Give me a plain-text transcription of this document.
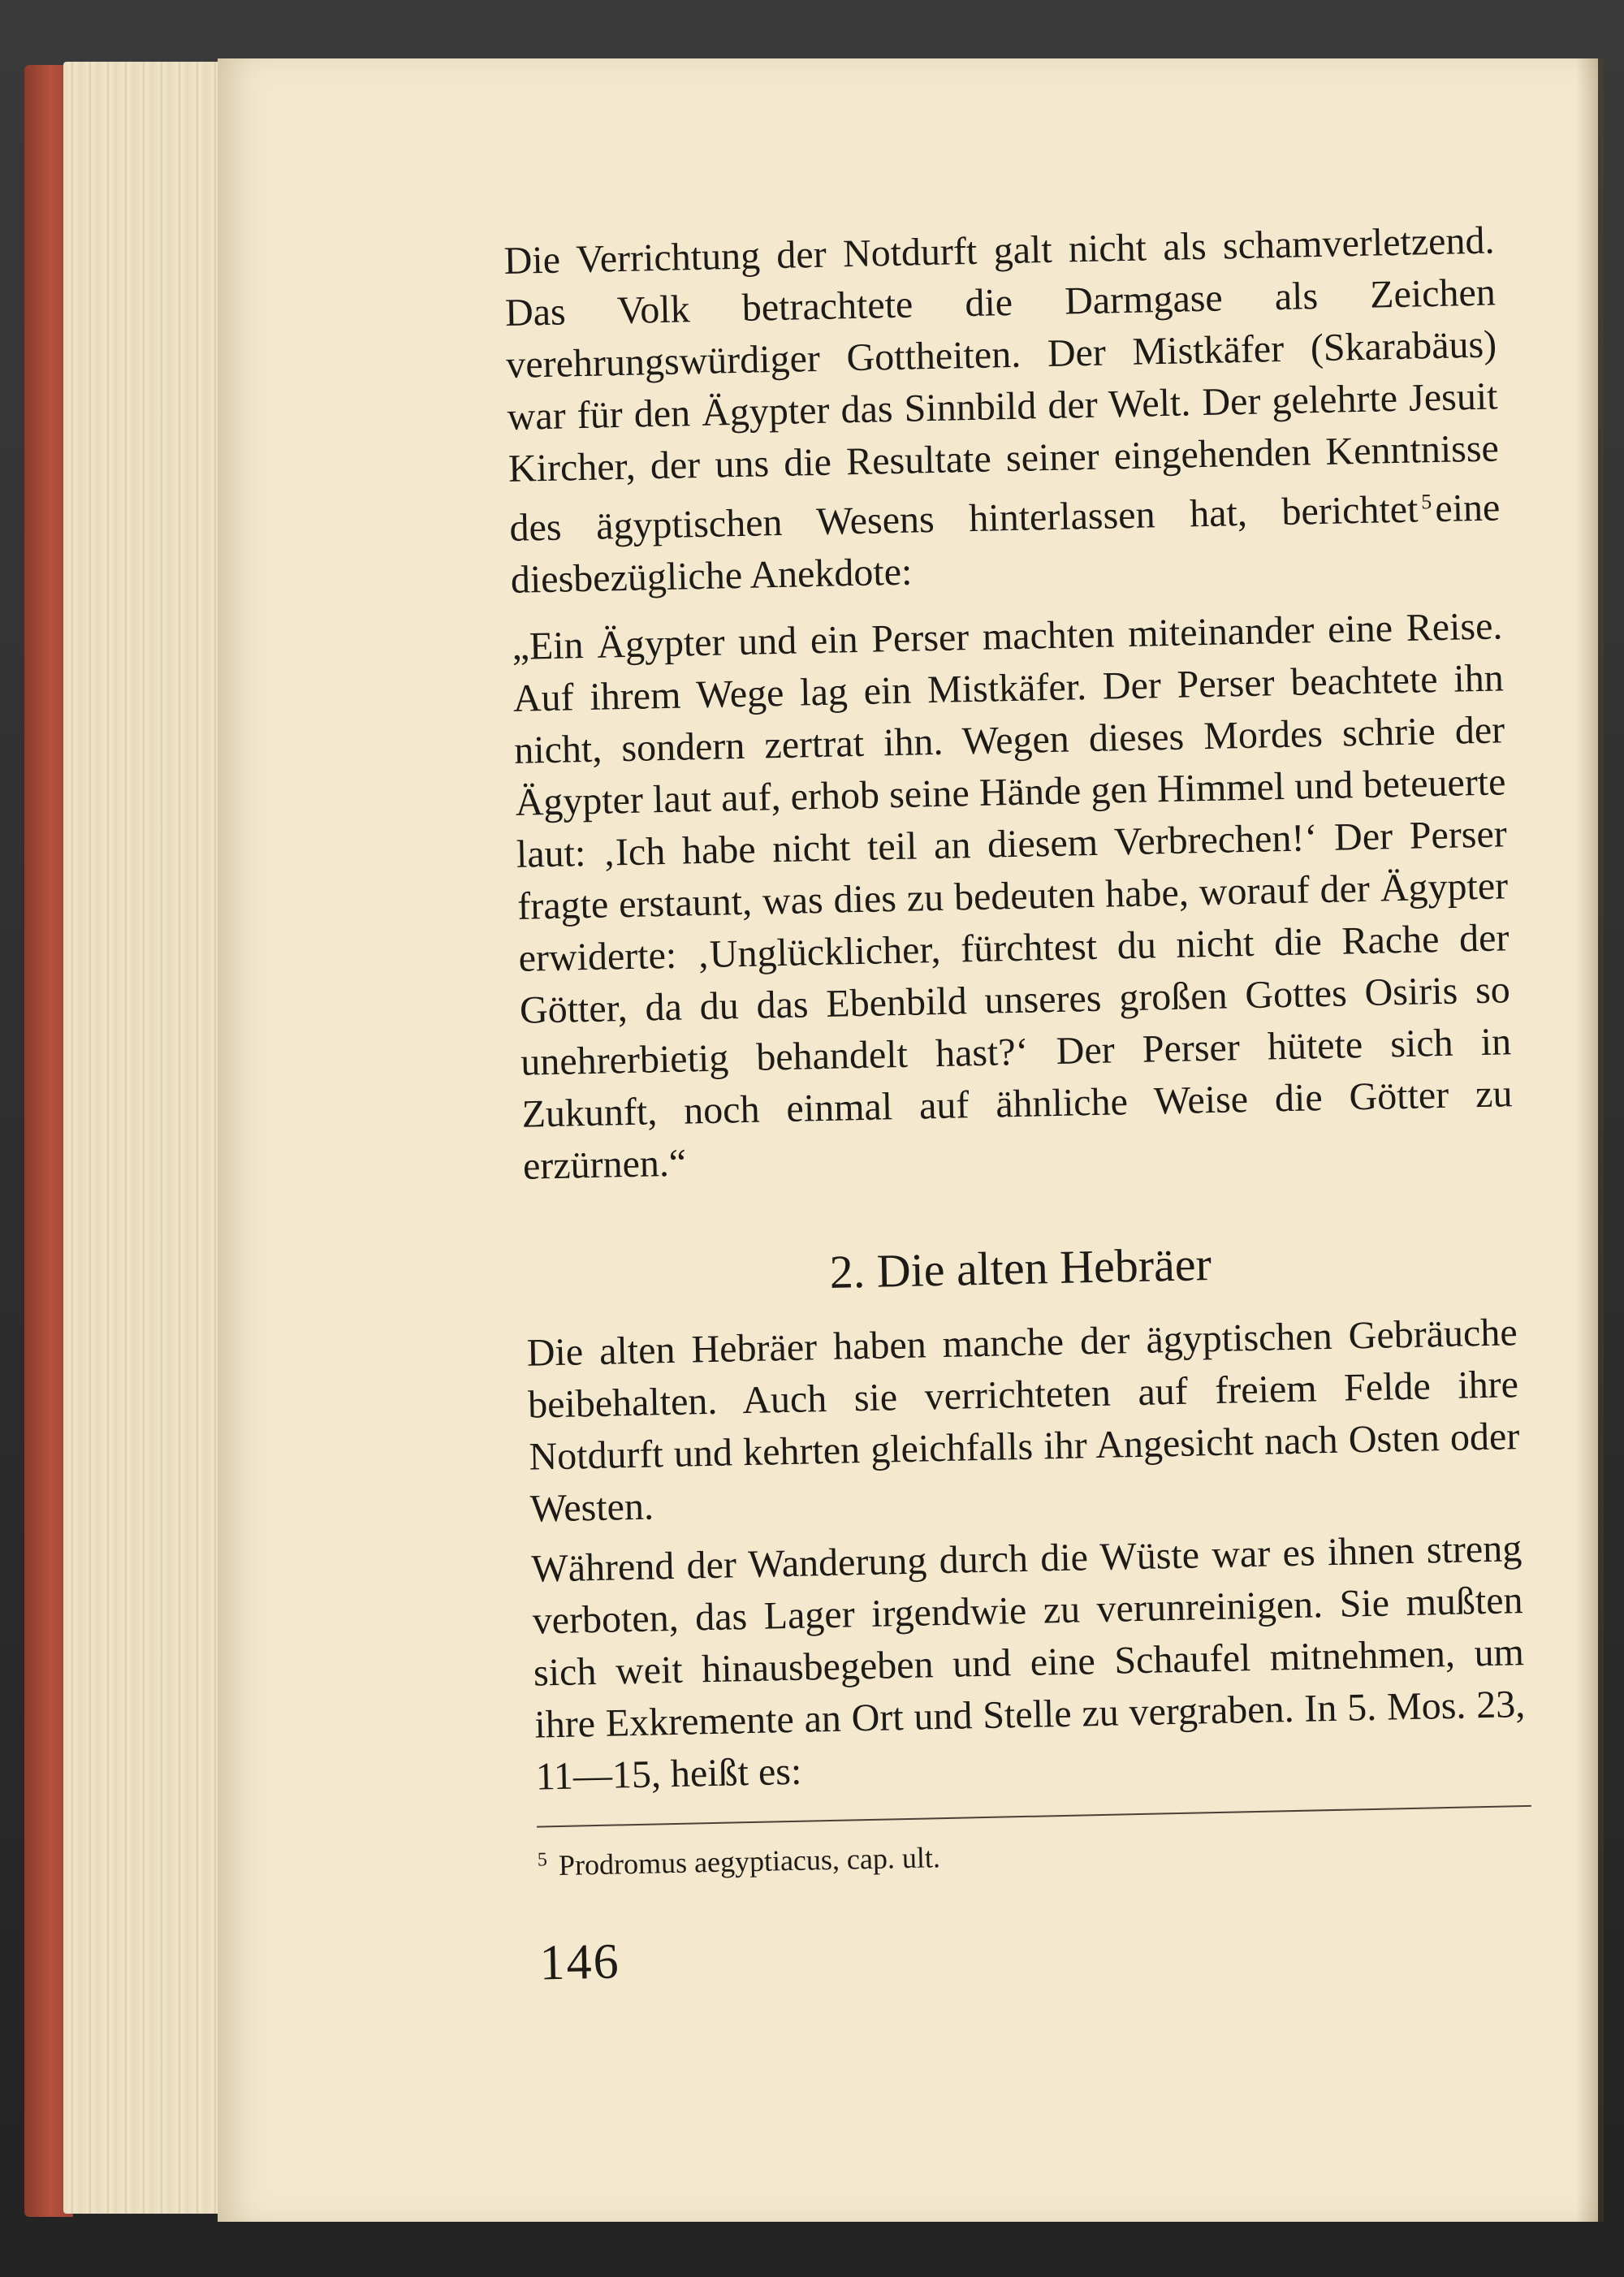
Die Verrichtung der Notdurft galt nicht als schamverletzend. Das Volk betrachtete die Darmgase als Zeichen verehrungswürdiger Gottheiten. Der Mistkäfer (Skarabäus) war für den Ägypter das Sinnbild der Welt. Der gelehrte Jesuit Kircher, der uns die Resultate seiner eingehenden Kenntnisse des ägyptischen Wesens hinterlassen hat, berichtet $^5$eine diesbezügliche Anekdote:

„Ein Ägypter und ein Perser machten miteinander eine Reise. Auf ihrem Wege lag ein Mistkäfer. Der Perser beachtete ihn nicht, sondern zertrat ihn. Wegen dieses Mordes schrie der Ägypter laut auf, erhob seine Hände gen Himmel und beteuerte laut: ‚Ich habe nicht teil an diesem Verbrechen!‘ Der Perser fragte erstaunt, was dies zu bedeuten habe, worauf der Ägypter erwiderte: ‚Unglücklicher, fürchtest du nicht die Rache der Götter, da du das Ebenbild unseres großen Gottes Osiris so unehrerbietig behandelt hast?‘ Der Perser hütete sich in Zukunft, noch einmal auf ähnliche Weise die Götter zu erzürnen.“

2. Die alten Hebräer

Die alten Hebräer haben manche der ägyptischen Gebräuche beibehalten. Auch sie verrichteten auf freiem Felde ihre Notdurft und kehrten gleichfalls ihr Angesicht nach Osten oder Westen.

Während der Wanderung durch die Wüste war es ihnen streng verboten, das Lager irgendwie zu verunreinigen. Sie mußten sich weit hinausbegeben und eine Schaufel mitnehmen, um ihre Exkremente an Ort und Stelle zu vergraben. In 5. Mos. 23, 11—15, heißt es:

$^5$ Prodromus aegyptiacus, cap. ult.
146
